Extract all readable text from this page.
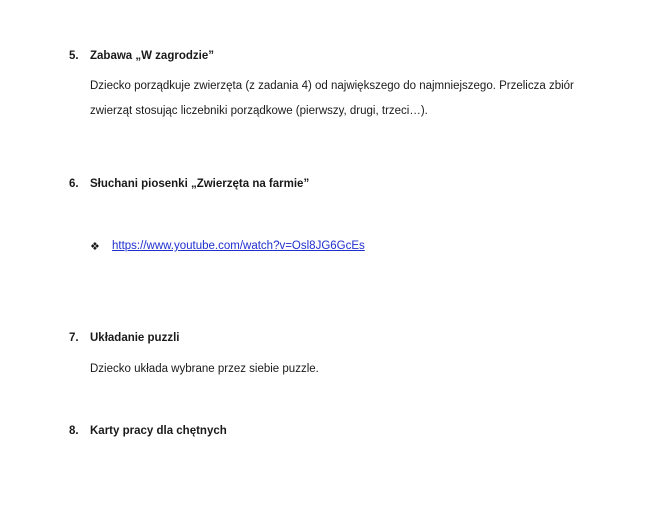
5. Zabawa „W zagrodzie”
Dziecko porządkuje zwierzęta (z zadania 4) od największego do najmniejszego. Przelicza zbiór
zwierząt stosując liczebniki porządkowe (pierwszy, drugi, trzeci…).
6. Słuchani piosenki „Zwierzęta na farmie”
❖ https://www.youtube.com/watch?v=Osl8JG6GcEs
7. Układanie puzzli
Dziecko układa wybrane przez siebie puzzle.
8. Karty pracy dla chętnych
